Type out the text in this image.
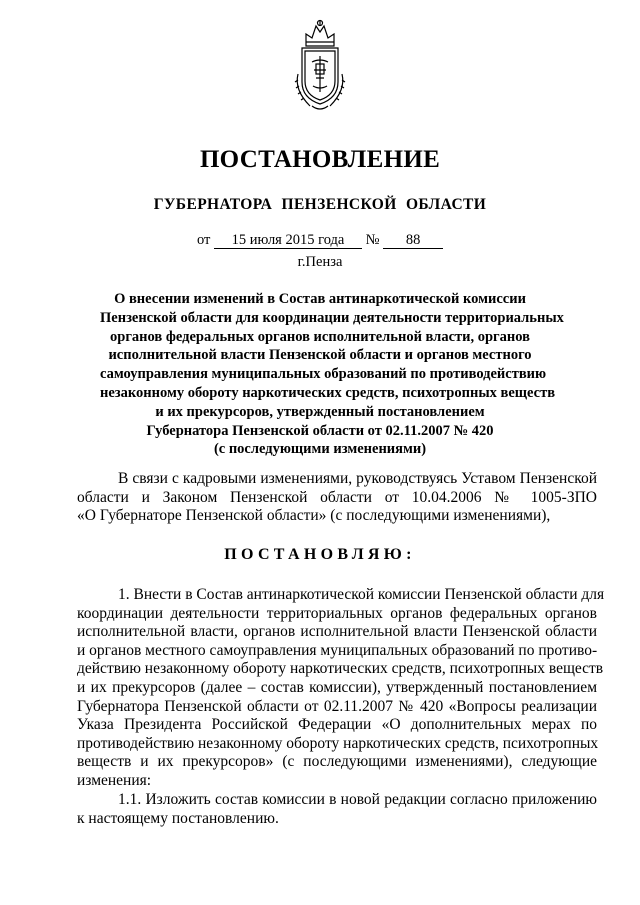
ПОСТАНОВЛЕНИЕ
ГУБЕРНАТОРА ПЕНЗЕНСКОЙ ОБЛАСТИ
от 15 июля 2015 года № 88
г.Пенза
О внесении изменений в Состав антинаркотической комиссии
Пензенской области для координации деятельности территориальных
органов федеральных органов исполнительной власти, органов
исполнительной власти Пензенской области и органов местного
самоуправления муниципальных образований по противодействию
незаконному обороту наркотических средств, психотропных веществ
и их прекурсоров, утвержденный постановлением
Губернатора Пензенской области от 02.11.2007 № 420
(с последующими изменениями)
В связи с кадровыми изменениями, руководствуясь Уставом Пензенской
области и Законом Пензенской области от 10.04.2006 № 1005-ЗПО
«О Губернаторе Пензенской области» (с последующими изменениями),
ПОСТАНОВЛЯЮ:
1. Внести в Состав антинаркотической комиссии Пензенской области для
координации деятельности территориальных органов федеральных органов
исполнительной власти, органов исполнительной власти Пензенской области
и органов местного самоуправления муниципальных образований по противо-
действию незаконному обороту наркотических средств, психотропных веществ
и их прекурсоров (далее – состав комиссии), утвержденный постановлением
Губернатора Пензенской области от 02.11.2007 № 420 «Вопросы реализации
Указа Президента Российской Федерации «О дополнительных мерах по
противодействию незаконному обороту наркотических средств, психотропных
веществ и их прекурсоров» (с последующими изменениями), следующие
изменения:
1.1. Изложить состав комиссии в новой редакции согласно приложению
к настоящему постановлению.
